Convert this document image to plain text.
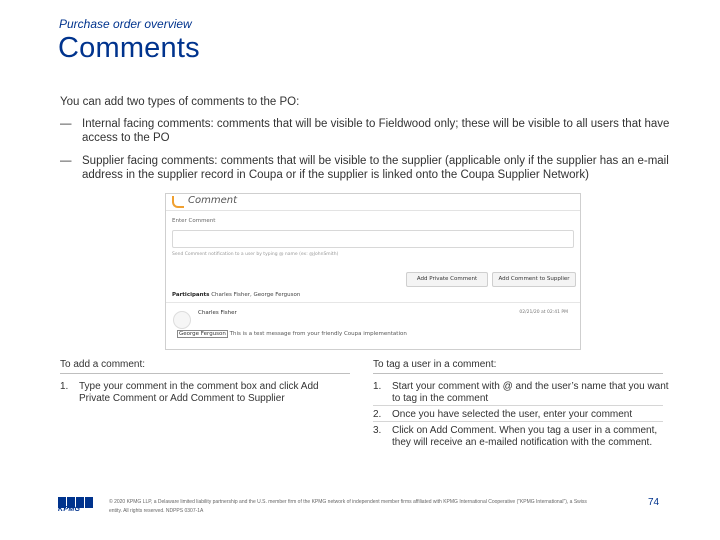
Purchase order overview
Comments
You can add two types of comments to the PO:
— Internal facing comments: comments that will be visible to Fieldwood only; these will be visible to all users that have access to the PO
— Supplier facing comments: comments that will be visible to the supplier (applicable only if the supplier has an e-mail address in the supplier record in Coupa or if the supplier is linked onto the Coupa Supplier Network)
Comment
Enter Comment
Send Comment notification to a user by typing @ name (ex: @JohnSmith)
Add Private Comment	Add Comment to Supplier
Participants Charles Fisher, George Ferguson
Charles Fisher	02/21/20 at 02:41 PM
George Ferguson This is a test message from your friendly Coupa implementation
To add a comment:
1. Type your comment in the comment box and click Add Private Comment or Add Comment to Supplier
To tag a user in a comment:
1. Start your comment with @ and the user’s name that you want to tag in the comment
2. Once you have selected the user, enter your comment
3. Click on Add Comment. When you tag a user in a comment, they will receive an e-mailed notification with the comment.
KPMG
© 2020 KPMG LLP, a Delaware limited liability partnership and the U.S. member firm of the KPMG network of independent member firms affiliated with KPMG International Cooperative (“KPMG International”), a Swiss entity. All rights reserved. NDPPS 0307-1A
74
